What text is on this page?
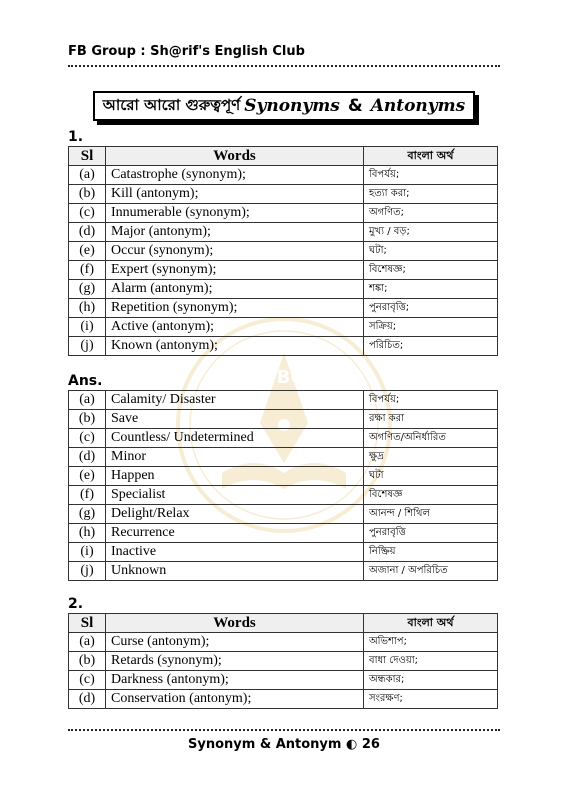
FB Group : Sh@rif's English Club
আরো আরো গুরুত্বপূর্ণ Synonyms & Antonyms
TBC
1.
Sl	Words	বাংলা অর্থ
(a)	Catastrophe (synonym);	বিপর্যয়;
(b)	Kill (antonym);	হত্যা করা;
(c)	Innumerable (synonym);	অগণিত;
(d)	Major (antonym);	মুখ্য / বড়;
(e)	Occur (synonym);	ঘটা;
(f)	Expert (synonym);	বিশেষজ্ঞ;
(g)	Alarm (antonym);	শঙ্কা;
(h)	Repetition (synonym);	পুনরাবৃত্তি;
(i)	Active (antonym);	সক্রিয়;
(j)	Known (antonym);	পরিচিত;
Ans.
(a)	Calamity/ Disaster	বিপর্যয়;
(b)	Save	রক্ষা করা
(c)	Countless/ Undetermined	অগণিত/অনির্ধারিত
(d)	Minor	ক্ষুদ্র
(e)	Happen	ঘটা
(f)	Specialist	বিশেষজ্ঞ
(g)	Delight/Relax	আনন্দ / শিথিল
(h)	Recurrence	পুনরাবৃত্তি
(i)	Inactive	নিষ্ক্রিয়
(j)	Unknown	অজানা / অপরিচিত
2.
Sl	Words	বাংলা অর্থ
(a)	Curse (antonym);	অভিশাপ;
(b)	Retards (synonym);	বাধা দেওয়া;
(c)	Darkness (antonym);	অন্ধকার;
(d)	Conservation (antonym);	সংরক্ষণ;
Synonym & Antonym ◐ 26
